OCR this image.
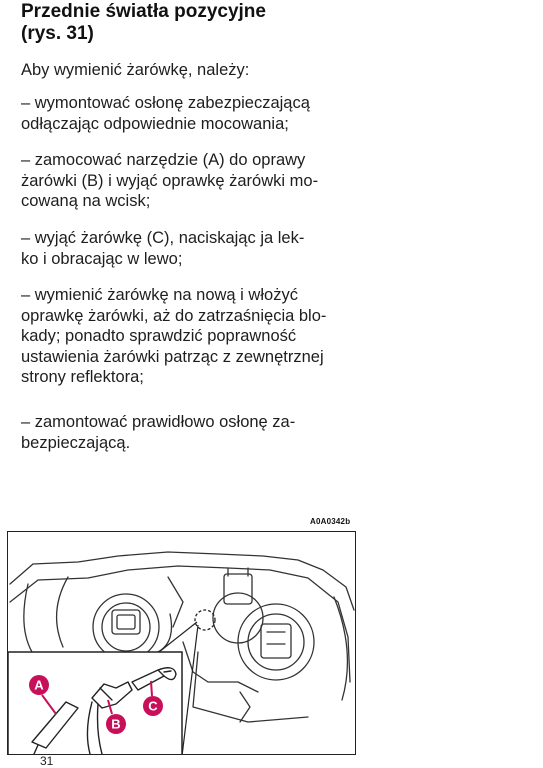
Przednie światła pozycyjne
(rys. 31)

Aby wymienić żarówkę, należy:

– wymontować osłonę zabezpieczającą

odłączając odpowiednie mocowania;

– zamocować narzędzie (A) do oprawy

żarówki (B) i wyjąć oprawkę żarówki mo-

cowaną na wcisk;

– wyjąć żarówkę (C), naciskając ja lek-

ko i obracając w lewo;

– wymienić żarówkę na nową i włożyć

oprawkę żarówki, aż do zatrzaśnięcia blo-

kady; ponadto sprawdzić poprawność

ustawienia żarówki patrząc z zewnętrznej

strony reflektora;

– zamontować prawidłowo osłonę za-

bezpieczającą.

A0A0342b
A
B
C
31
